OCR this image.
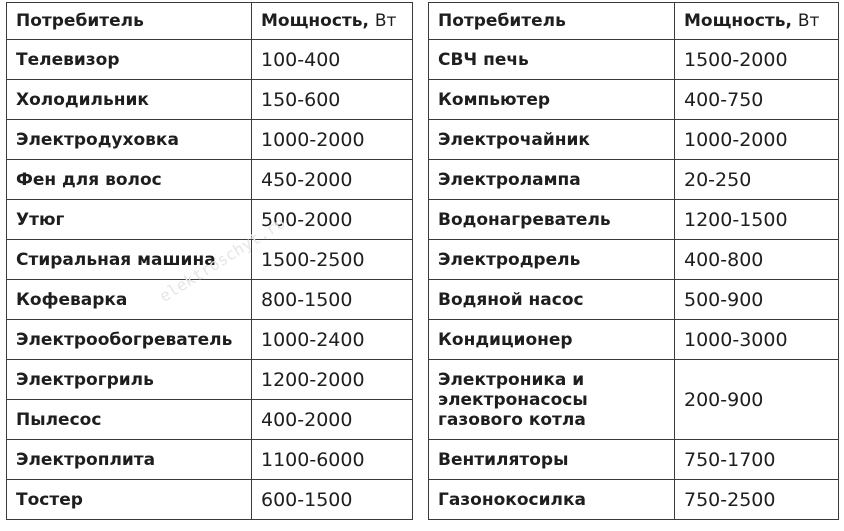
Потребитель	Мощность, Вт
Телевизор	100-400
Холодильник	150-600
Электродуховка	1000-2000
Фен для волос	450-2000
Утюг	500-2000
Стиральная машина	1500-2500
Кофеварка	800-1500
Электрообогреватель	1000-2400
Электрогриль	1200-2000
Пылесос	400-2000
Электроплита	1100-6000
Тостер	600-1500
Потребитель	Мощность, Вт
СВЧ печь	1500-2000
Компьютер	400-750
Электрочайник	1000-2000
Электролампа	20-250
Водонагреватель	1200-1500
Электродрель	400-800
Водяной насос	500-900
Кондиционер	1000-3000

Электроника и
электронасосы
газового котла	200-900

Вентиляторы	750-1700
Газонокосилка	750-2500
elektroschyt.ru
